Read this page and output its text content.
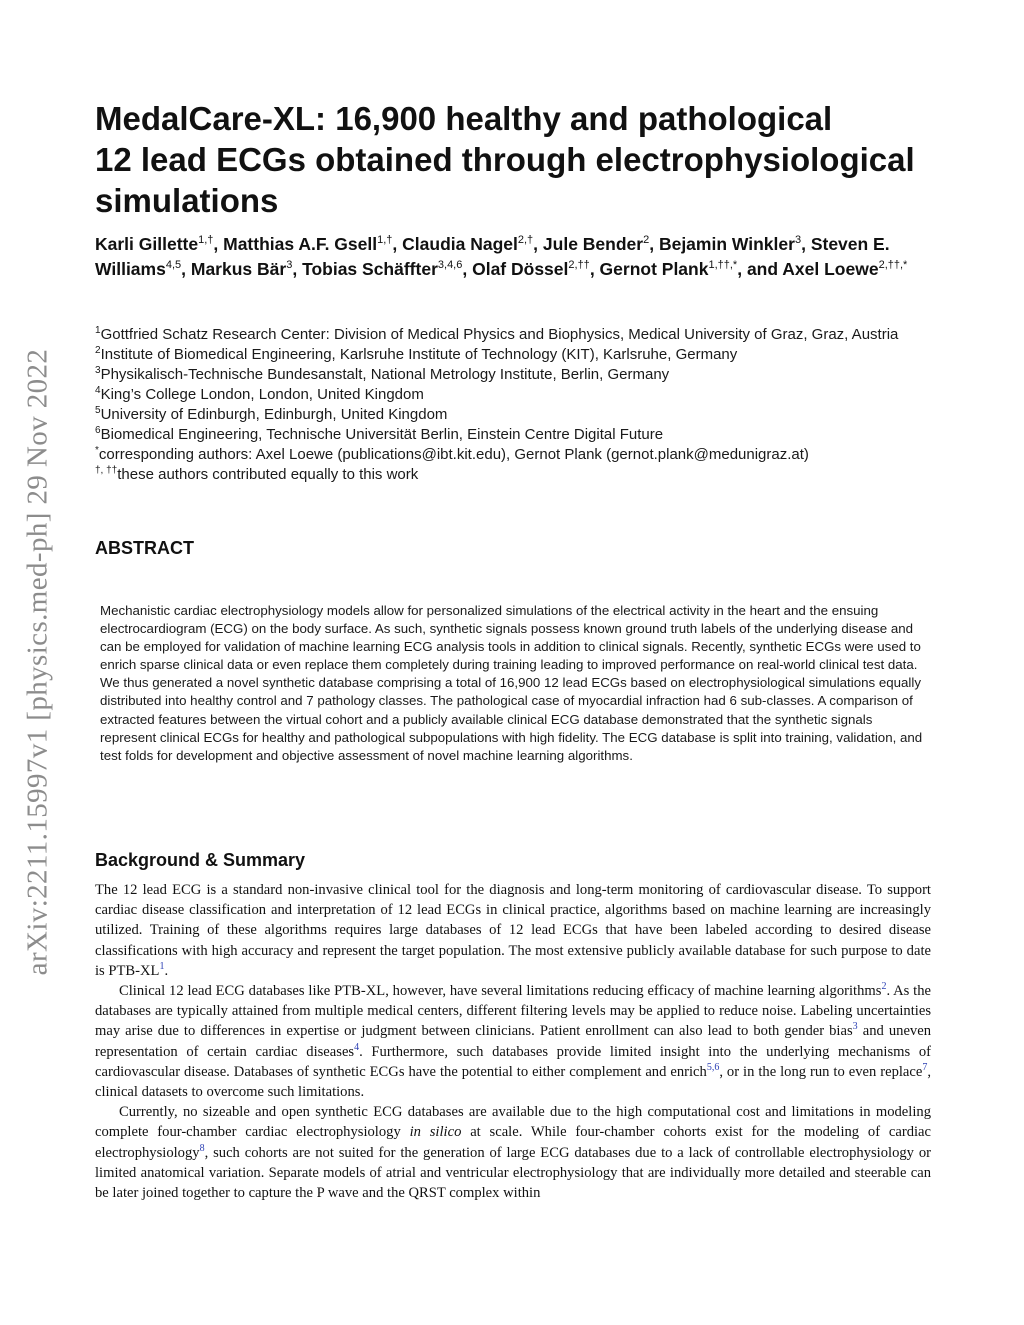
arXiv:2211.15997v1 [physics.med-ph] 29 Nov 2022
MedalCare-XL: 16,900 healthy and pathological
12 lead ECGs obtained through electrophysiological
simulations
Karli Gillette$^{1,\dagger}$, Matthias A.F. Gsell$^{1,\dagger}$, Claudia Nagel$^{2,\dagger}$, Jule Bender$^2$, Bejamin Winkler$^3$, Steven E. Williams$^{4,5}$, Markus Bär$^3$, Tobias Schäffter$^{3,4,6}$, Olaf Dössel$^{2,\dagger\dagger}$, Gernot Plank$^{1,\dagger\dagger,*}$, and Axel Loewe$^{2,\dagger\dagger,*}$
$^1$Gottfried Schatz Research Center: Division of Medical Physics and Biophysics, Medical University of Graz, Graz, Austria
$^2$Institute of Biomedical Engineering, Karlsruhe Institute of Technology (KIT), Karlsruhe, Germany
$^3$Physikalisch-Technische Bundesanstalt, National Metrology Institute, Berlin, Germany
$^4$King’s College London, London, United Kingdom
$^5$University of Edinburgh, Edinburgh, United Kingdom
$^6$Biomedical Engineering, Technische Universität Berlin, Einstein Centre Digital Future
*corresponding authors: Axel Loewe (publications@ibt.kit.edu), Gernot Plank (gernot.plank@medunigraz.at)
†, ††these authors contributed equally to this work
ABSTRACT

Mechanistic cardiac electrophysiology models allow for personalized simulations of the electrical activity in the heart and the ensuing electrocardiogram (ECG) on the body surface. As such, synthetic signals possess known ground truth labels of the underlying disease and can be employed for validation of machine learning ECG analysis tools in addition to clinical signals. Recently, synthetic ECGs were used to enrich sparse clinical data or even replace them completely during training leading to improved performance on real-world clinical test data.

We thus generated a novel synthetic database comprising a total of 16,900 12 lead ECGs based on electrophysiological simulations equally distributed into healthy control and 7 pathology classes. The pathological case of myocardial infraction had 6 sub-classes. A comparison of extracted features between the virtual cohort and a publicly available clinical ECG database demonstrated that the synthetic signals represent clinical ECGs for healthy and pathological subpopulations with high fidelity. The ECG database is split into training, validation, and test folds for development and objective assessment of novel machine learning algorithms.

Background & Summary

The 12 lead ECG is a standard non-invasive clinical tool for the diagnosis and long-term monitoring of cardiovascular disease. To support cardiac disease classification and interpretation of 12 lead ECGs in clinical practice, algorithms based on machine learning are increasingly utilized. Training of these algorithms requires large databases of 12 lead ECGs that have been labeled according to desired disease classifications with high accuracy and represent the target population. The most extensive publicly available database for such purpose to date is PTB-$XL^1$.

Clinical 12 lead ECG databases like PTB-XL, however, have several limitations reducing efficacy of machine learning algorithms$^2$. As the databases are typically attained from multiple medical centers, different filtering levels may be applied to reduce noise. Labeling uncertainties may arise due to differences in expertise or judgment between clinicians. Patient enrollment can also lead to both gender bias$^3$ and uneven representation of certain cardiac diseases$^4$. Furthermore, such databases provide limited insight into the underlying mechanisms of cardiovascular disease. Databases of synthetic ECGs have the potential to either complement and enrich$^{5,6}$, or in the long run to even replace$^7$, clinical datasets to overcome such limitations.

Currently, no sizeable and open synthetic ECG databases are available due to the high computational cost and limitations in modeling complete four-chamber cardiac electrophysiology in silico at scale. While four-chamber cohorts exist for the modeling of cardiac electrophysiology$^8$, such cohorts are not suited for the generation of large ECG databases due to a lack of controllable electrophysiology or limited anatomical variation. Separate models of atrial and ventricular electrophysiology that are individually more detailed and steerable can be later joined together to capture the P wave and the QRST complex within
